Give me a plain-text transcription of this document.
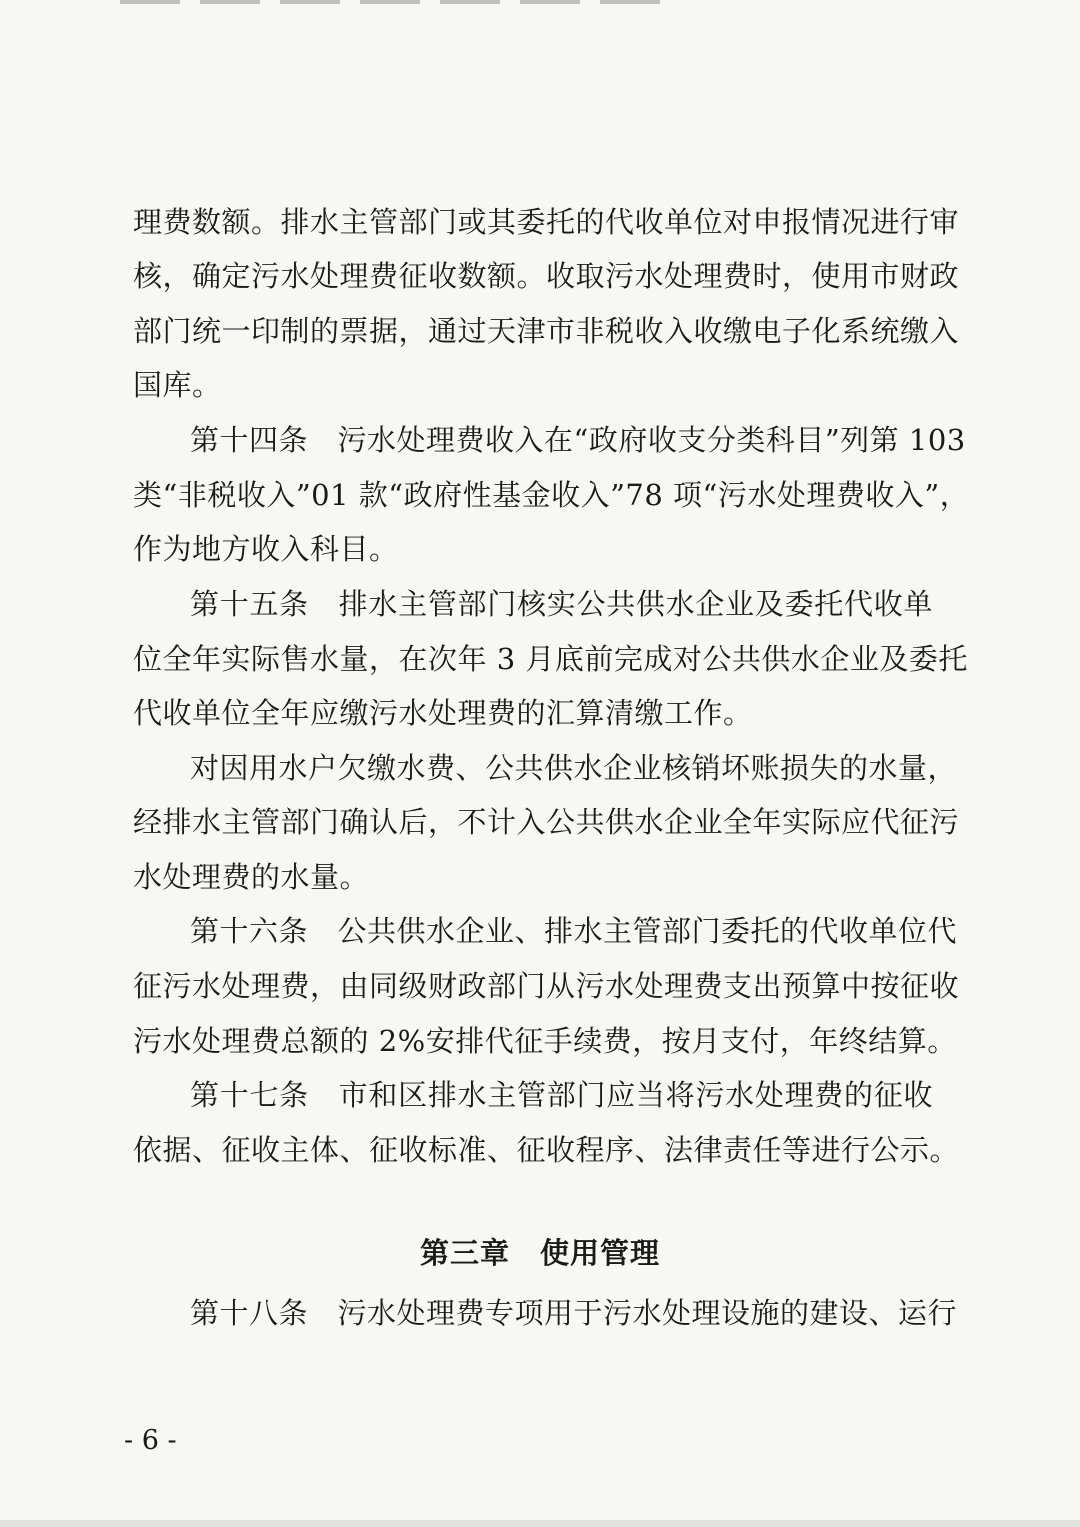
理费数额。排水主管部门或其委托的代收单位对申报情况进行审
核，确定污水处理费征收数额。收取污水处理费时，使用市财政
部门统一印制的票据，通过天津市非税收入收缴电子化系统缴入
国库。
第十四条　污水处理费收入在“政府收支分类科目”列第 103
类“非税收入”01 款“政府性基金收入”78 项“污水处理费收入”，
作为地方收入科目。
第十五条　排水主管部门核实公共供水企业及委托代收单
位全年实际售水量，在次年 3 月底前完成对公共供水企业及委托
代收单位全年应缴污水处理费的汇算清缴工作。
对因用水户欠缴水费、公共供水企业核销坏账损失的水量，
经排水主管部门确认后，不计入公共供水企业全年实际应代征污
水处理费的水量。
第十六条　公共供水企业、排水主管部门委托的代收单位代
征污水处理费，由同级财政部门从污水处理费支出预算中按征收
污水处理费总额的 2%安排代征手续费，按月支付，年终结算。
第十七条　市和区排水主管部门应当将污水处理费的征收
依据、征收主体、征收标准、征收程序、法律责任等进行公示。
第三章　使用管理
第十八条　污水处理费专项用于污水处理设施的建设、运行
- 6 -
